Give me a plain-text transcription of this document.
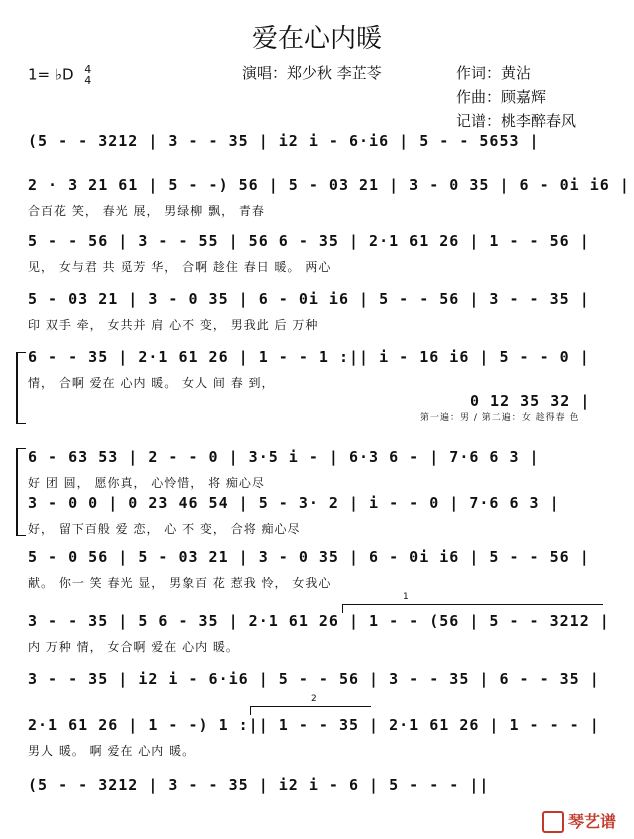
爱在心内暖
1= ♭D 4
4	演唱：郑少秋 李芷苓	作词：黄沾
作曲：顾嘉辉
记谱：桃李醉春风
(5 - - 3212 | 3 - - 35 | i2 i - 6·i6 | 5 - - 5653 |
2 · 3 21 61 | 5 - -) 56 | 5 - 03 21 | 3 - 0 35 | 6 - 0i i6 |
合百花 笑， 春光 展， 男绿柳 飘， 青春
5 - - 56 | 3 - - 55 | 56 6 - 35 | 2·1 61 26 | 1 - - 56 |
见， 女与君 共 觅芳 华， 合啊 趁住 春日 暖。 两心
5 - 03 21 | 3 - 0 35 | 6 - 0i i6 | 5 - - 56 | 3 - - 35 |
印 双手 牵， 女共并 肩 心不 变， 男我此 后 万种
6 - - 35 | 2·1 61 26 | 1 - - 1 :|| i - 16 i6 | 5 - - 0 |
情， 合啊 爱在 心内 暖。 女人 间 春 到，
0 12 35 32 |
第一遍：男 / 第二遍：女 趁得春 色
6 - 63 53 | 2 - - 0 | 3·5 i - | 6·3 6 - | 7·6 6 3 |
好 团 圆， 愿你真， 心怜惜， 将 痴心尽
3 - 0 0 | 0 23 46 54 | 5 - 3· 2 | i - - 0 | 7·6 6 3 |
好， 留下百般 爱 恋， 心 不 变， 合将 痴心尽
5 - 0 56 | 5 - 03 21 | 3 - 0 35 | 6 - 0i i6 | 5 - - 56 |
献。 你一 笑 春光 显， 男象百 花 惹我 怜， 女我心
3 - - 35 | 5 6 - 35 | 2·1 61 26 | 1 - - (56 | 5 - - 3212 |
内 万种 情， 女合啊 爱在 心内 暖。
3 - - 35 | i2 i - 6·i6 | 5 - - 56 | 3 - - 35 | 6 - - 35 |
2·1 61 26 | 1 - -) 1 :|| 1 - - 35 | 2·1 61 26 | 1 - - - |
男人 暖。 啊 爱在 心内 暖。
(5 - - 3212 | 3 - - 35 | i2 i - 6 | 5 - - - ||
1
2
琴艺谱
